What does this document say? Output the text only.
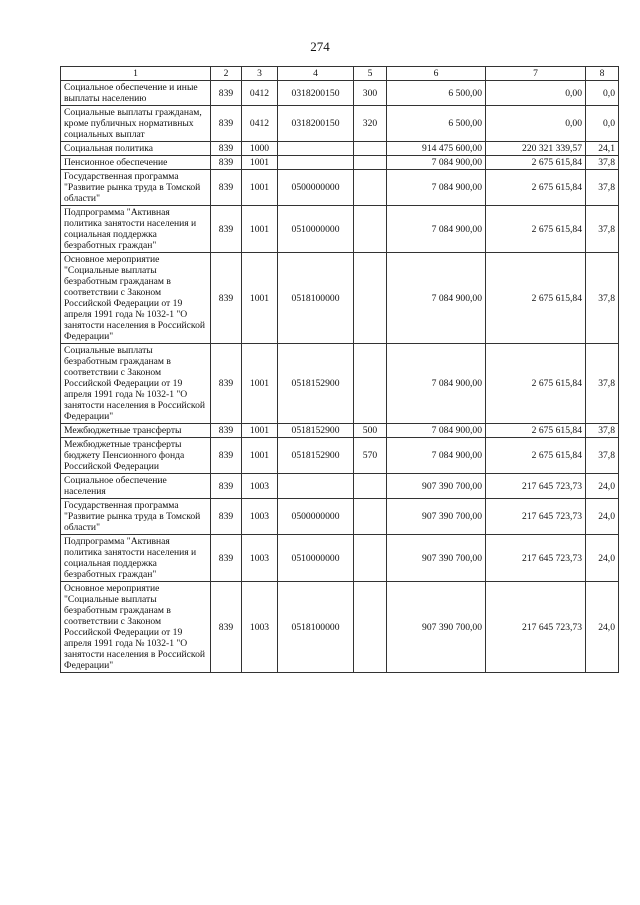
274
1	2	3	4	5	6	7	8
Социальное обеспечение и иные выплаты населению	839	0412	0318200150	300	6 500,00	0,00	0,0
Социальные выплаты гражданам, кроме публичных нормативных социальных выплат	839	0412	0318200150	320	6 500,00	0,00	0,0
Социальная политика	839	1000			914 475 600,00	220 321 339,57	24,1
Пенсионное обеспечение	839	1001			7 084 900,00	2 675 615,84	37,8
Государственная программа "Развитие рынка труда в Томской области"	839	1001	0500000000		7 084 900,00	2 675 615,84	37,8
Подпрограмма "Активная политика занятости населения и социальная поддержка безработных граждан"	839	1001	0510000000		7 084 900,00	2 675 615,84	37,8
Основное мероприятие "Социальные выплаты безработным гражданам в соответствии с Законом Российской Федерации от 19 апреля 1991 года № 1032-1 "О занятости населения в Российской Федерации"	839	1001	0518100000		7 084 900,00	2 675 615,84	37,8
Социальные выплаты безработным гражданам в соответствии с Законом Российской Федерации от 19 апреля 1991 года № 1032-1 "О занятости населения в Российской Федерации"	839	1001	0518152900		7 084 900,00	2 675 615,84	37,8
Межбюджетные трансферты	839	1001	0518152900	500	7 084 900,00	2 675 615,84	37,8
Межбюджетные трансферты бюджету Пенсионного фонда Российской Федерации	839	1001	0518152900	570	7 084 900,00	2 675 615,84	37,8
Социальное обеспечение населения	839	1003			907 390 700,00	217 645 723,73	24,0
Государственная программа "Развитие рынка труда в Томской области"	839	1003	0500000000		907 390 700,00	217 645 723,73	24,0
Подпрограмма "Активная политика занятости населения и социальная поддержка безработных граждан"	839	1003	0510000000		907 390 700,00	217 645 723,73	24,0
Основное мероприятие "Социальные выплаты безработным гражданам в соответствии с Законом Российской Федерации от 19 апреля 1991 года № 1032-1 "О занятости населения в Российской Федерации"	839	1003	0518100000		907 390 700,00	217 645 723,73	24,0
